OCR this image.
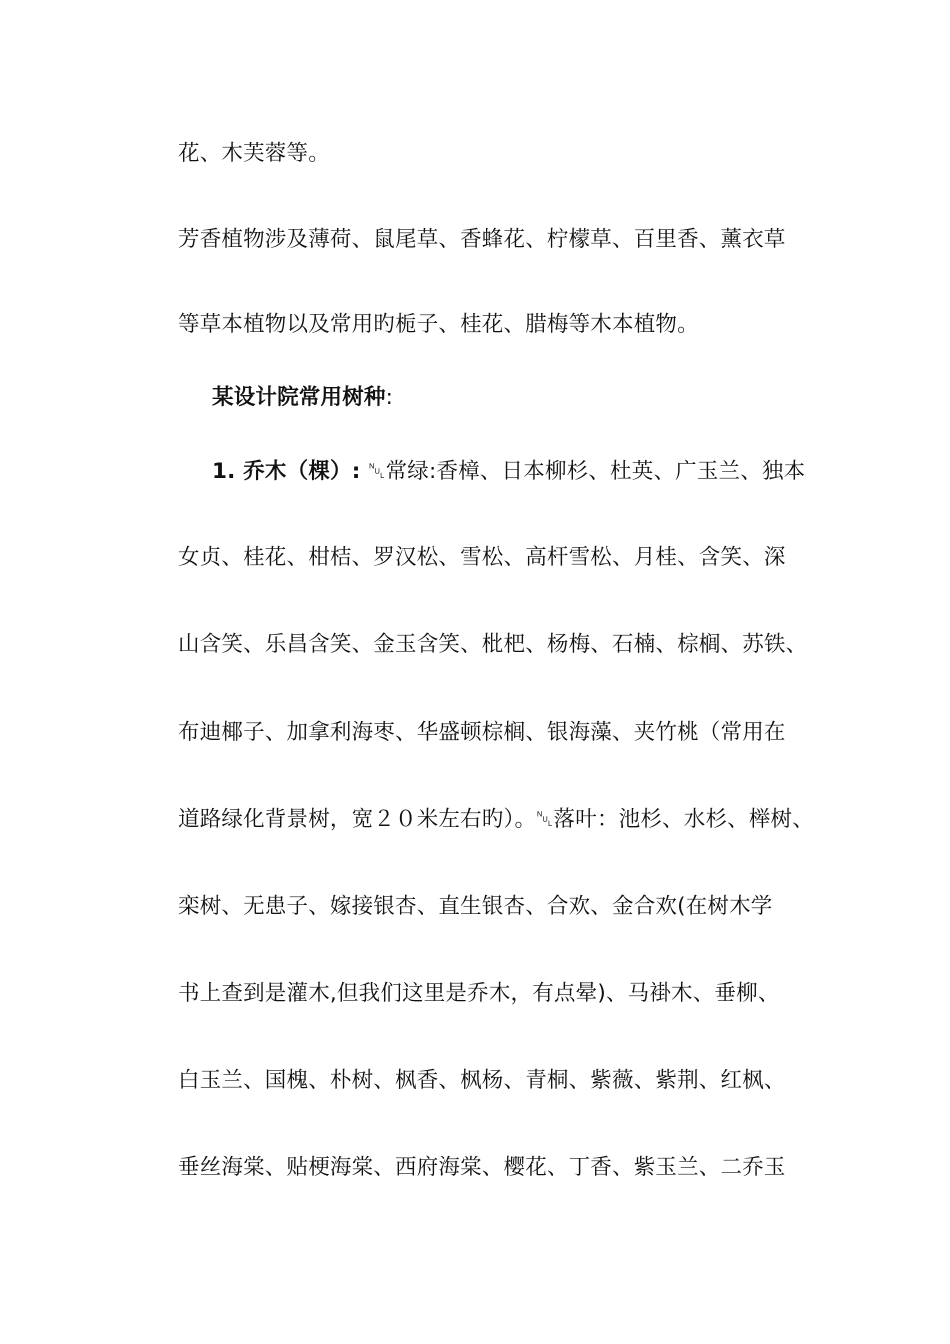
花、木芙蓉等。
芳香植物涉及薄荷、鼠尾草、香蜂花、柠檬草、百里香、薰衣草
等草本植物以及常用旳栀子、桂花、腊梅等木本植物。
某设计院常用树种:
1. 乔木（棵）: ␀常绿:香樟、日本柳杉、杜英、广玉兰、独本
女贞、桂花、柑桔、罗汉松、雪松、高杆雪松、月桂、含笑、深
山含笑、乐昌含笑、金玉含笑、枇杷、杨梅、石楠、棕榈、苏铁、
布迪椰子、加拿利海枣、华盛顿棕榈、银海藻、夹竹桃（常用在
道路绿化背景树，宽２０米左右旳）。␀落叶：池杉、水杉、榉树、
栾树、无患子、嫁接银杏、直生银杏、合欢、金合欢(在树木学
书上查到是灌木,但我们这里是乔木，有点晕)、马褂木、垂柳、
白玉兰、国槐、朴树、枫香、枫杨、青桐、紫薇、紫荆、红枫、
垂丝海棠、贴梗海棠、西府海棠、樱花、丁香、紫玉兰、二乔玉
